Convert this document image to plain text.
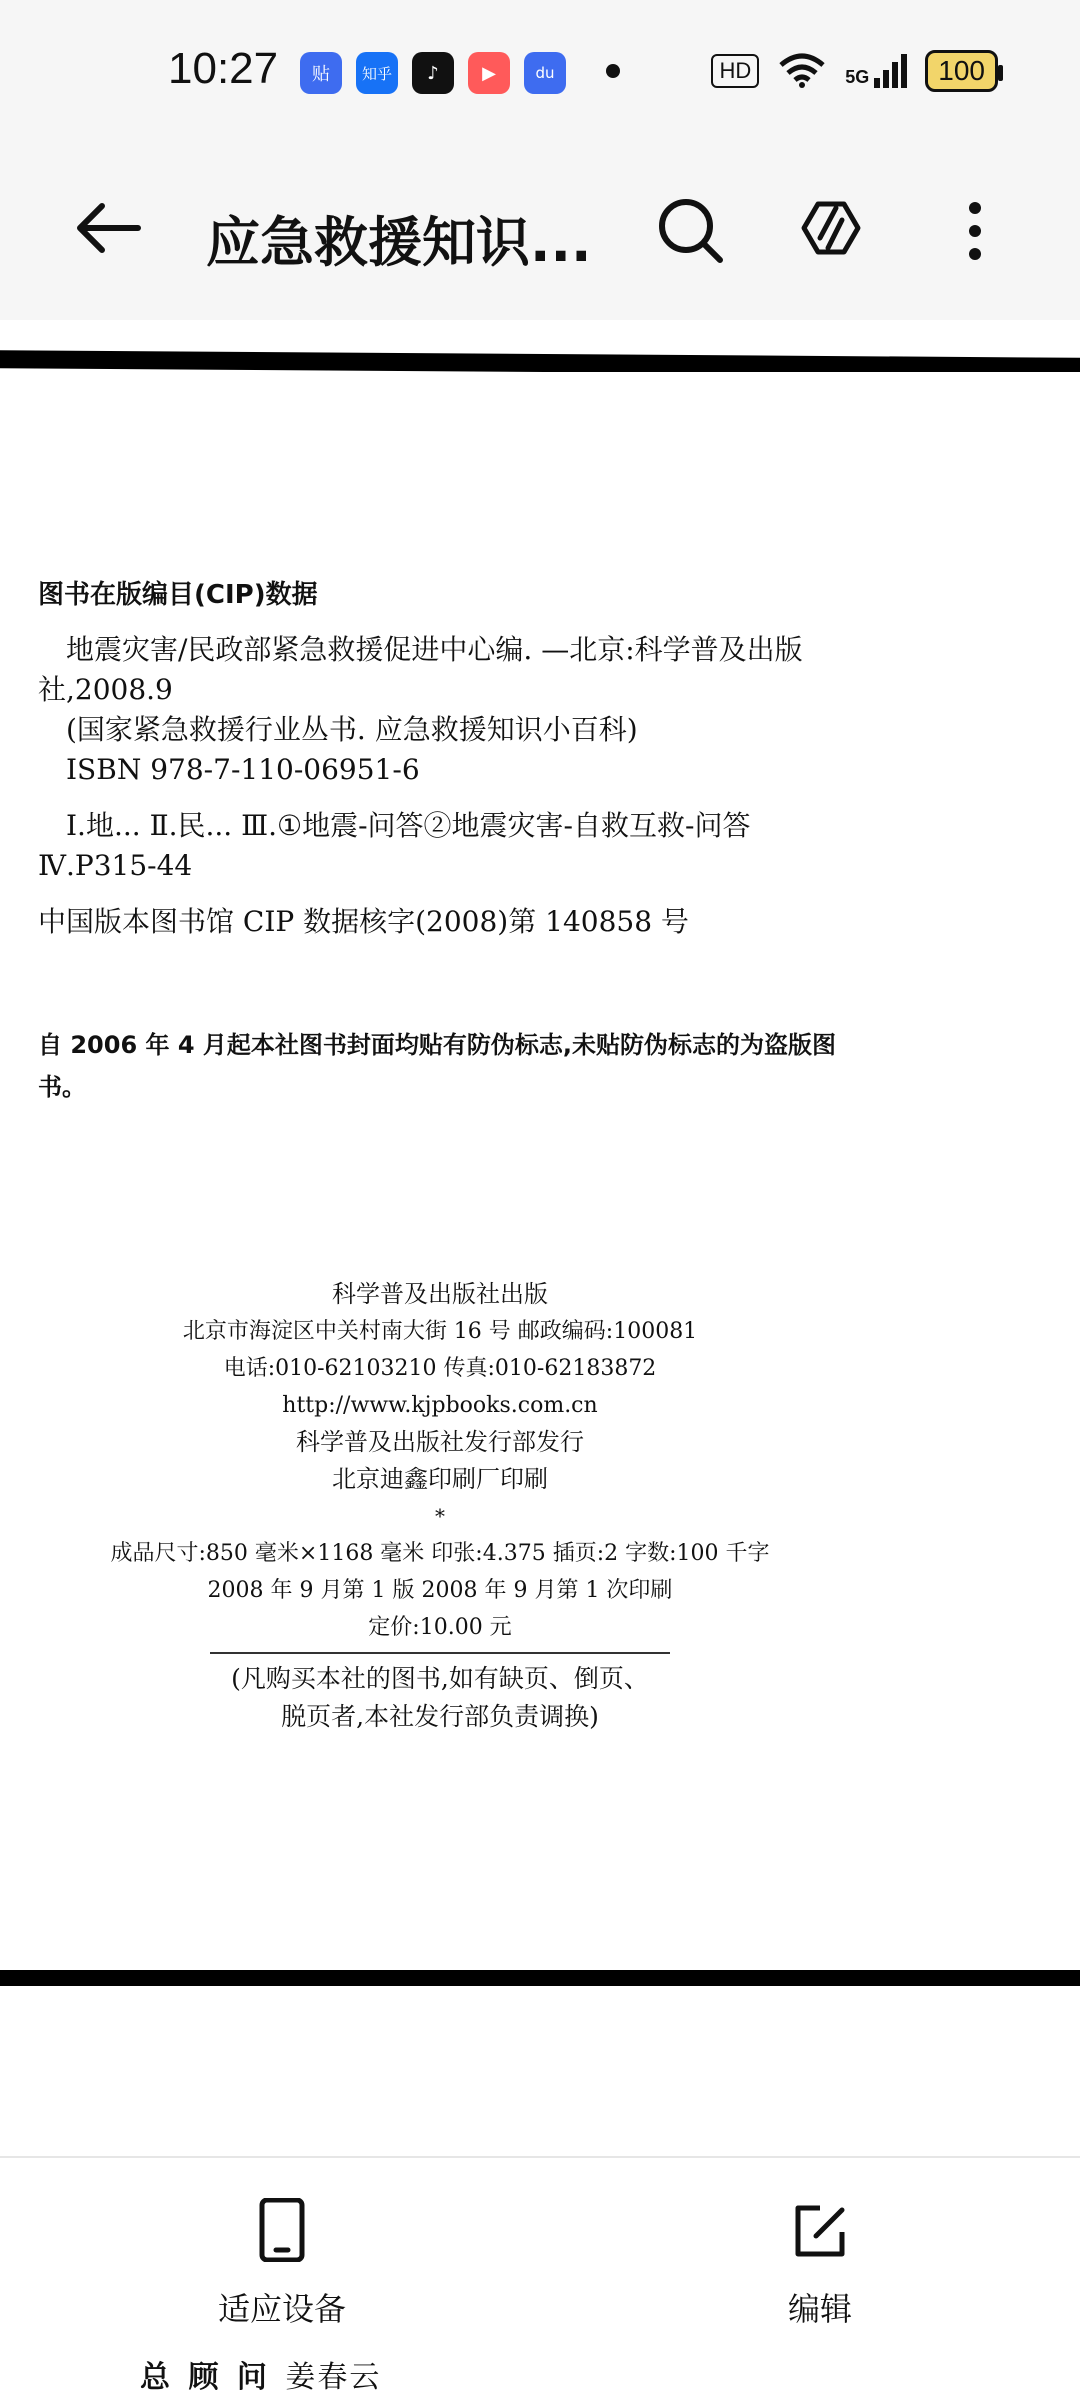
10:27	贴	知乎	♪	▶	du	HD	5G	100
应急救援知识...
图书在版编目(CIP)数据

地震灾害/民政部紧急救援促进中心编. —北京:科学普及出版社,2008.9

(国家紧急救援行业丛书. 应急救援知识小百科)

ISBN 978-7-110-06951-6

Ⅰ.地... Ⅱ.民... Ⅲ.①地震-问答②地震灾害-自救互救-问答 Ⅳ.P315-44

中国版本图书馆 CIP 数据核字(2008)第 140858 号

自 2006 年 4 月起本社图书封面均贴有防伪标志,未贴防伪标志的为盗版图书。

科学普及出版社出版

北京市海淀区中关村南大街 16 号 邮政编码:100081

电话:010-62103210 传真:010-62183872

http://www.kjpbooks.com.cn

科学普及出版社发行部发行

北京迪鑫印刷厂印刷

*

成品尺寸:850 毫米×1168 毫米 印张:4.375 插页:2 字数:100 千字

2008 年 9 月第 1 版 2008 年 9 月第 1 次印刷

定价:10.00 元

(凡购买本社的图书,如有缺页、倒页、

脱页者,本社发行部负责调换)

适应设备	编辑
总 顾 问 姜春云
